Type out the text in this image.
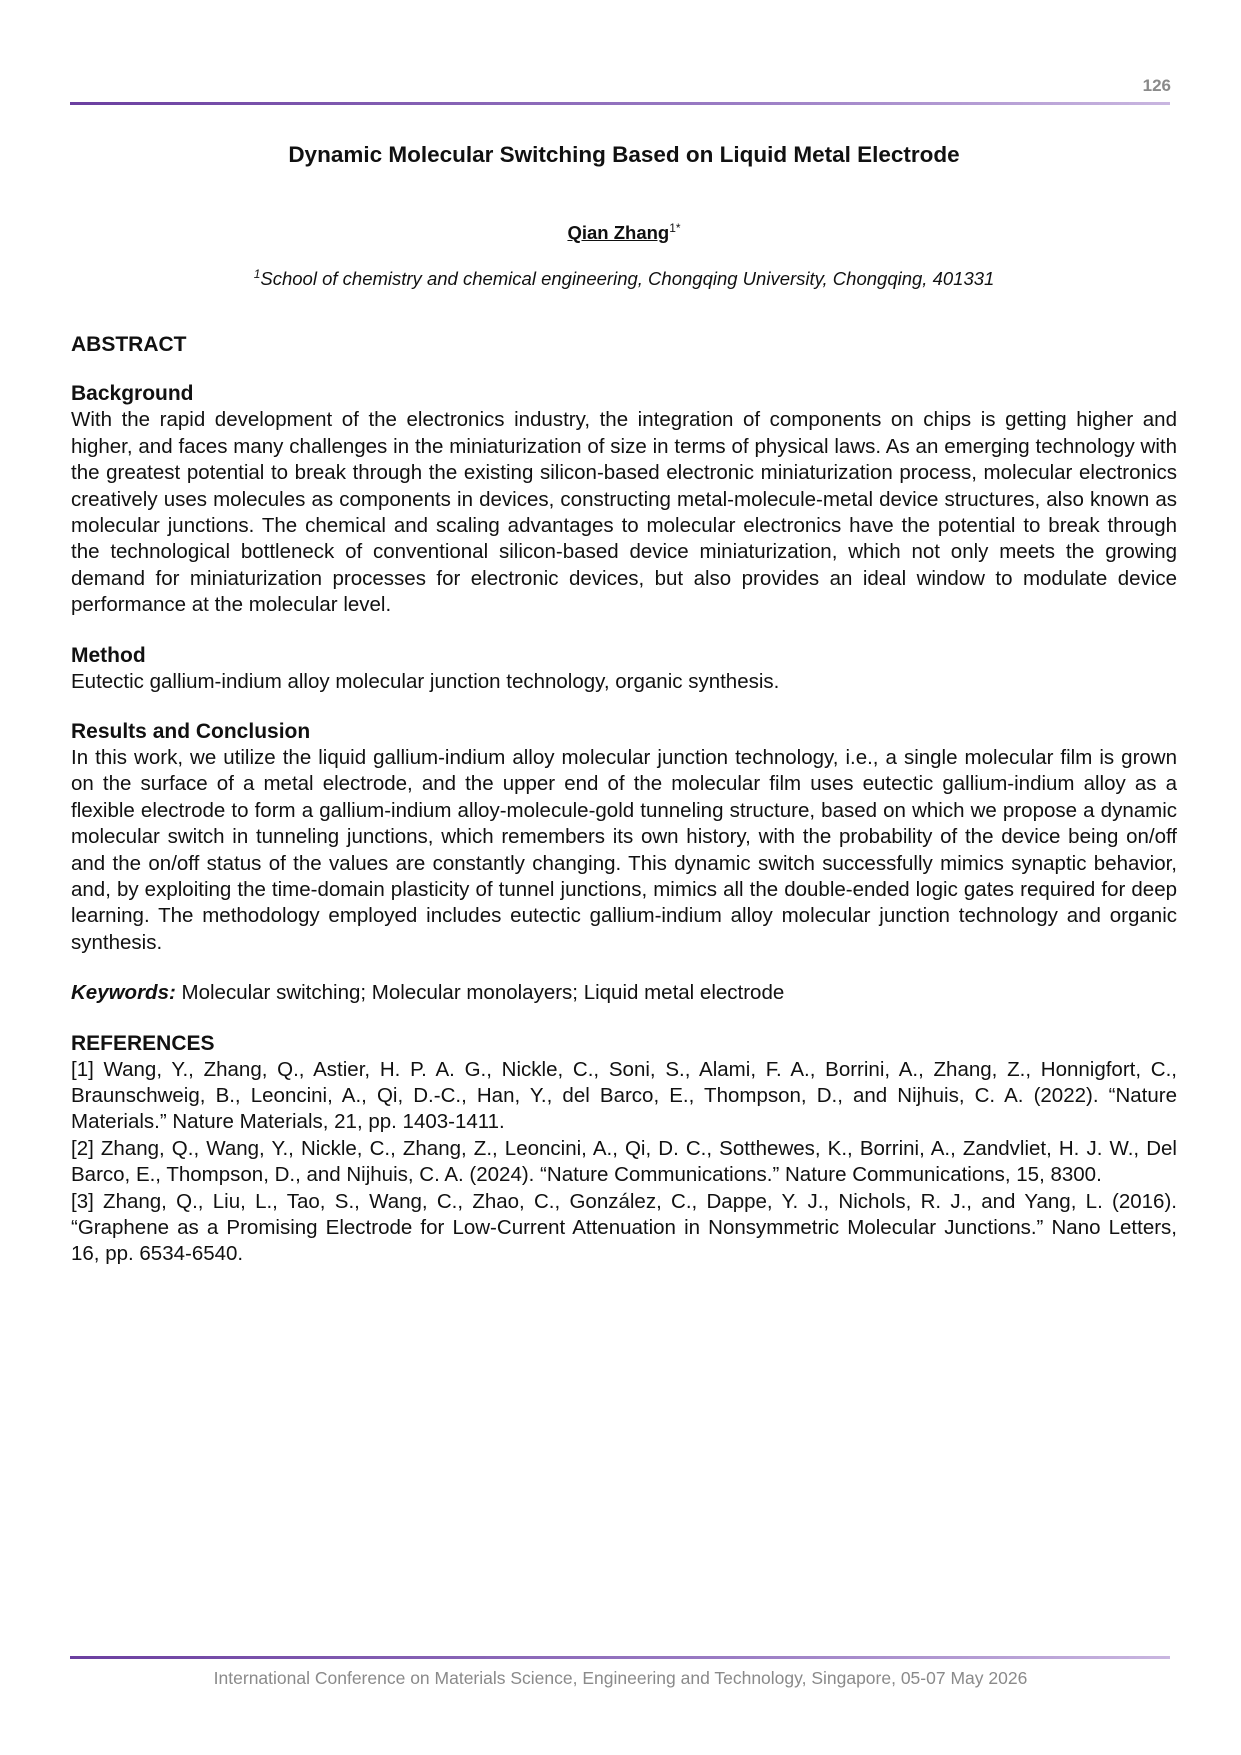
126
Dynamic Molecular Switching Based on Liquid Metal Electrode
Qian Zhang$^{1*}$
$^1$School of chemistry and chemical engineering, Chongqing University, Chongqing, 401331
ABSTRACT
Background

With the rapid development of the electronics industry, the integration of components on chips is getting higher and higher, and faces many challenges in the miniaturization of size in terms of physical laws. As an emerging technology with the greatest potential to break through the existing silicon-based electronic miniaturization process, molecular electronics creatively uses molecules as components in devices, constructing metal-molecule-metal device structures, also known as molecular junctions. The chemical and scaling advantages to molecular electronics have the potential to break through the technological bottleneck of conventional silicon-based device miniaturization, which not only meets the growing demand for miniaturization processes for electronic devices, but also provides an ideal window to modulate device performance at the molecular level.

Method

Eutectic gallium-indium alloy molecular junction technology, organic synthesis.

Results and Conclusion

In this work, we utilize the liquid gallium-indium alloy molecular junction technology, i.e., a single molecular film is grown on the surface of a metal electrode, and the upper end of the molecular film uses eutectic gallium-indium alloy as a flexible electrode to form a gallium-indium alloy-molecule-gold tunneling structure, based on which we propose a dynamic molecular switch in tunneling junctions, which remembers its own history, with the probability of the device being on/off and the on/off status of the values are constantly changing. This dynamic switch successfully mimics synaptic behavior, and, by exploiting the time-domain plasticity of tunnel junctions, mimics all the double-ended logic gates required for deep learning. The methodology employed includes eutectic gallium-indium alloy molecular junction technology and organic synthesis.

Keywords: Molecular switching; Molecular monolayers; Liquid metal electrode
REFERENCES

[1] Wang, Y., Zhang, Q., Astier, H. P. A. G., Nickle, C., Soni, S., Alami, F. A., Borrini, A., Zhang, Z., Honnigfort, C., Braunschweig, B., Leoncini, A., Qi, D.-C., Han, Y., del Barco, E., Thompson, D., and Nijhuis, C. A. (2022). “Nature Materials.” Nature Materials, 21, pp. 1403-1411.

[2] Zhang, Q., Wang, Y., Nickle, C., Zhang, Z., Leoncini, A., Qi, D. C., Sotthewes, K., Borrini, A., Zandvliet, H. J. W., Del Barco, E., Thompson, D., and Nijhuis, C. A. (2024). “Nature Communications.” Nature Communications, 15, 8300.

[3] Zhang, Q., Liu, L., Tao, S., Wang, C., Zhao, C., González, C., Dappe, Y. J., Nichols, R. J., and Yang, L. (2016). “Graphene as a Promising Electrode for Low-Current Attenuation in Nonsymmetric Molecular Junctions.” Nano Letters, 16, pp. 6534-6540.

International Conference on Materials Science, Engineering and Technology, Singapore, 05-07 May 2026
